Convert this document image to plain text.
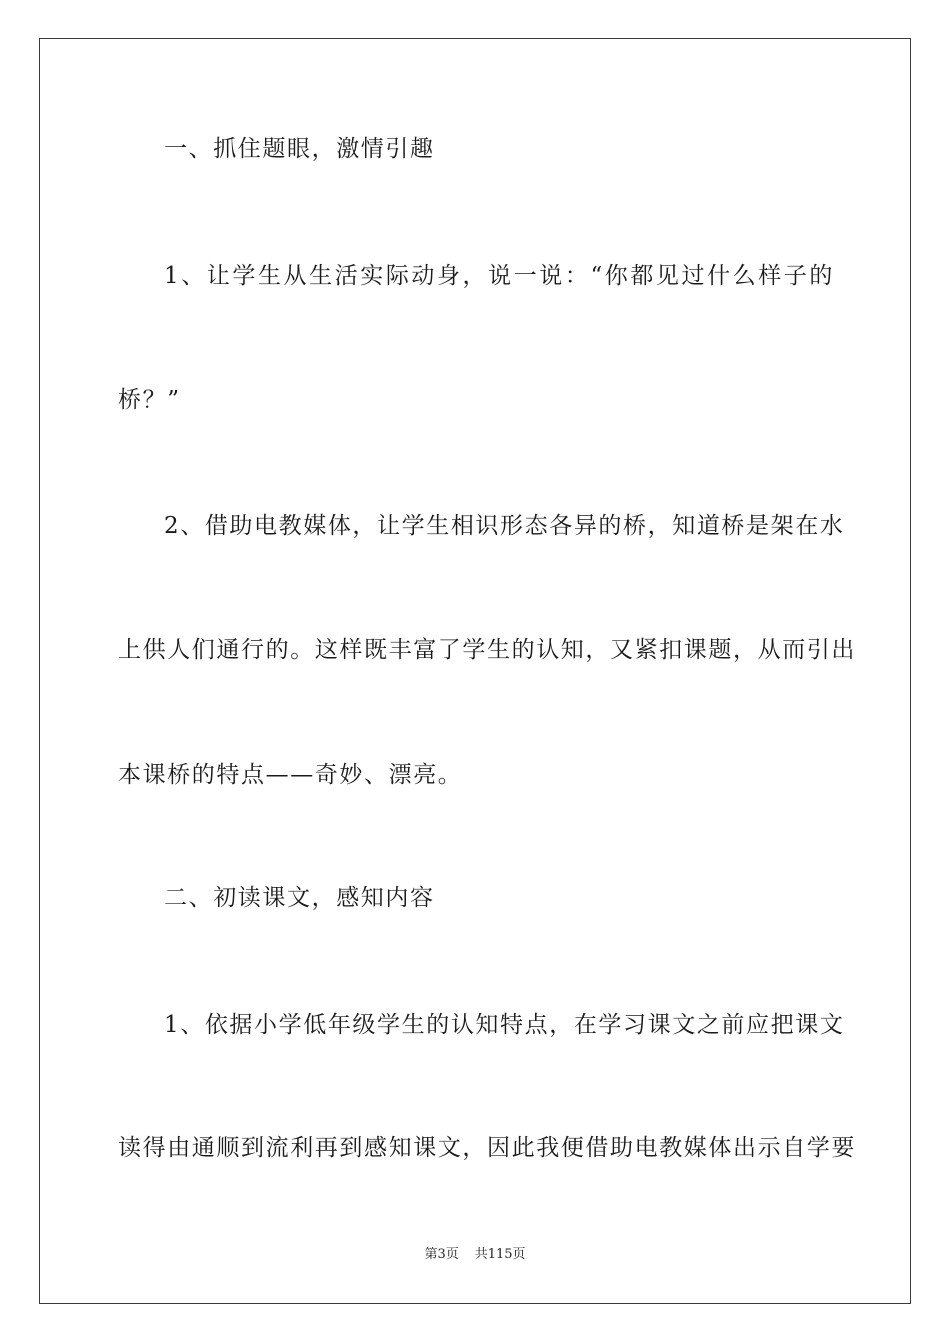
一、抓住题眼，激情引趣
1、让学生从生活实际动身，说一说：“你都见过什么样子的
桥？”
2、借助电教媒体，让学生相识形态各异的桥，知道桥是架在水
上供人们通行的。这样既丰富了学生的认知，又紧扣课题，从而引出
本课桥的特点——奇妙、漂亮。
二、初读课文，感知内容
1、依据小学低年级学生的认知特点，在学习课文之前应把课文
读得由通顺到流利再到感知课文，因此我便借助电教媒体出示自学要
第3页 共115页
